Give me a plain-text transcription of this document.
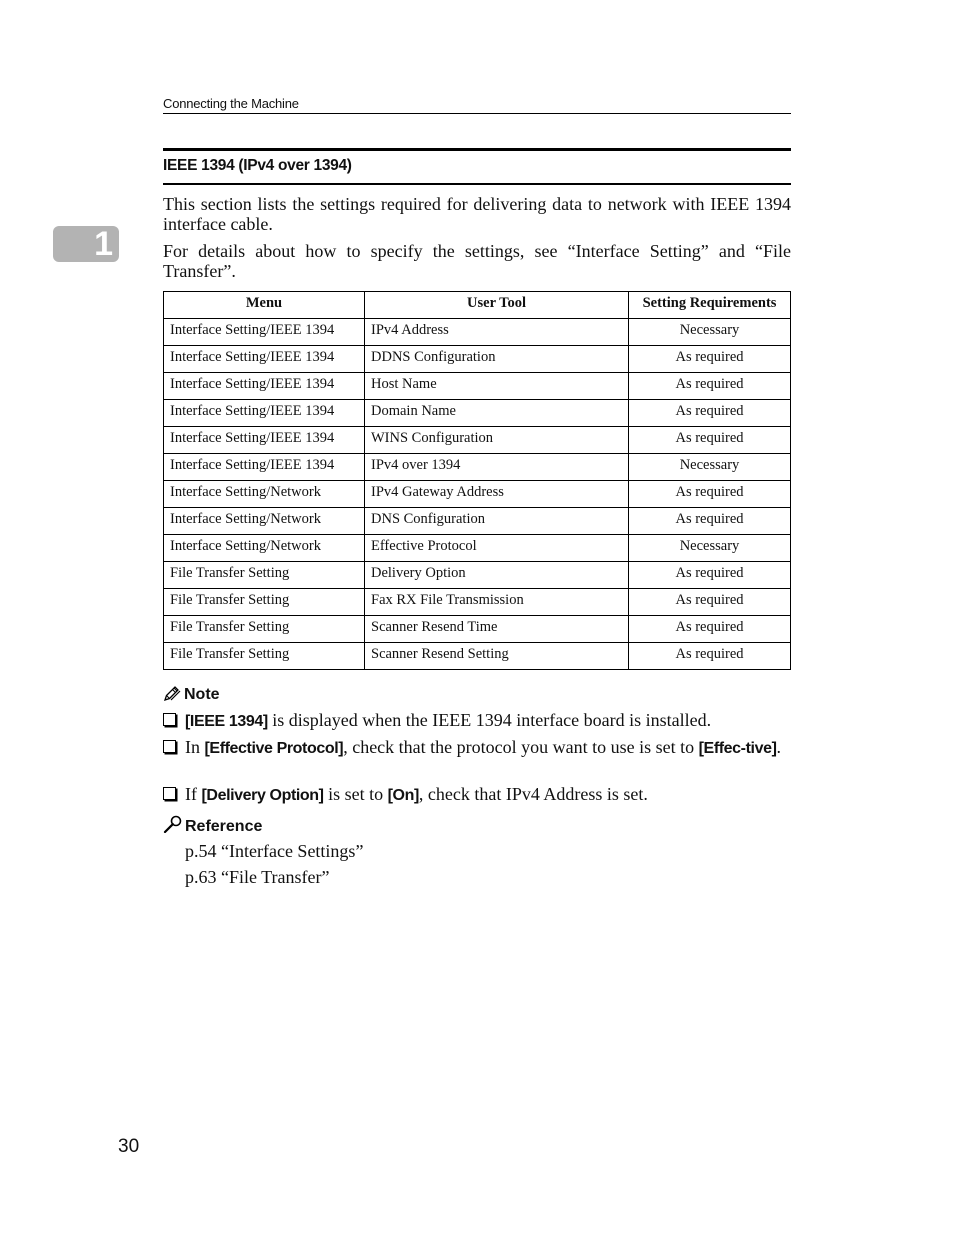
Connecting the Machine
1
IEEE 1394 (IPv4 over 1394)
This section lists the settings required for delivering data to network with IEEE 1394 interface cable.
For details about how to specify the settings, see “Interface Setting” and “File Transfer”.
Menu	User Tool	Setting Requirements
Interface Setting/IEEE 1394	IPv4 Address	Necessary
Interface Setting/IEEE 1394	DDNS Configuration	As required
Interface Setting/IEEE 1394	Host Name	As required
Interface Setting/IEEE 1394	Domain Name	As required
Interface Setting/IEEE 1394	WINS Configuration	As required
Interface Setting/IEEE 1394	IPv4 over 1394	Necessary
Interface Setting/Network	IPv4 Gateway Address	As required
Interface Setting/Network	DNS Configuration	As required
Interface Setting/Network	Effective Protocol	Necessary
File Transfer Setting	Delivery Option	As required
File Transfer Setting	Fax RX File Transmission	As required
File Transfer Setting	Scanner Resend Time	As required
File Transfer Setting	Scanner Resend Setting	As required
Note
[IEEE 1394] is displayed when the IEEE 1394 interface board is installed.
In [Effective Protocol], check that the protocol you want to use is set to [Effec-tive].
If [Delivery Option] is set to [On], check that IPv4 Address is set.
Reference
p.54 “Interface Settings”
p.63 “File Transfer”
30
